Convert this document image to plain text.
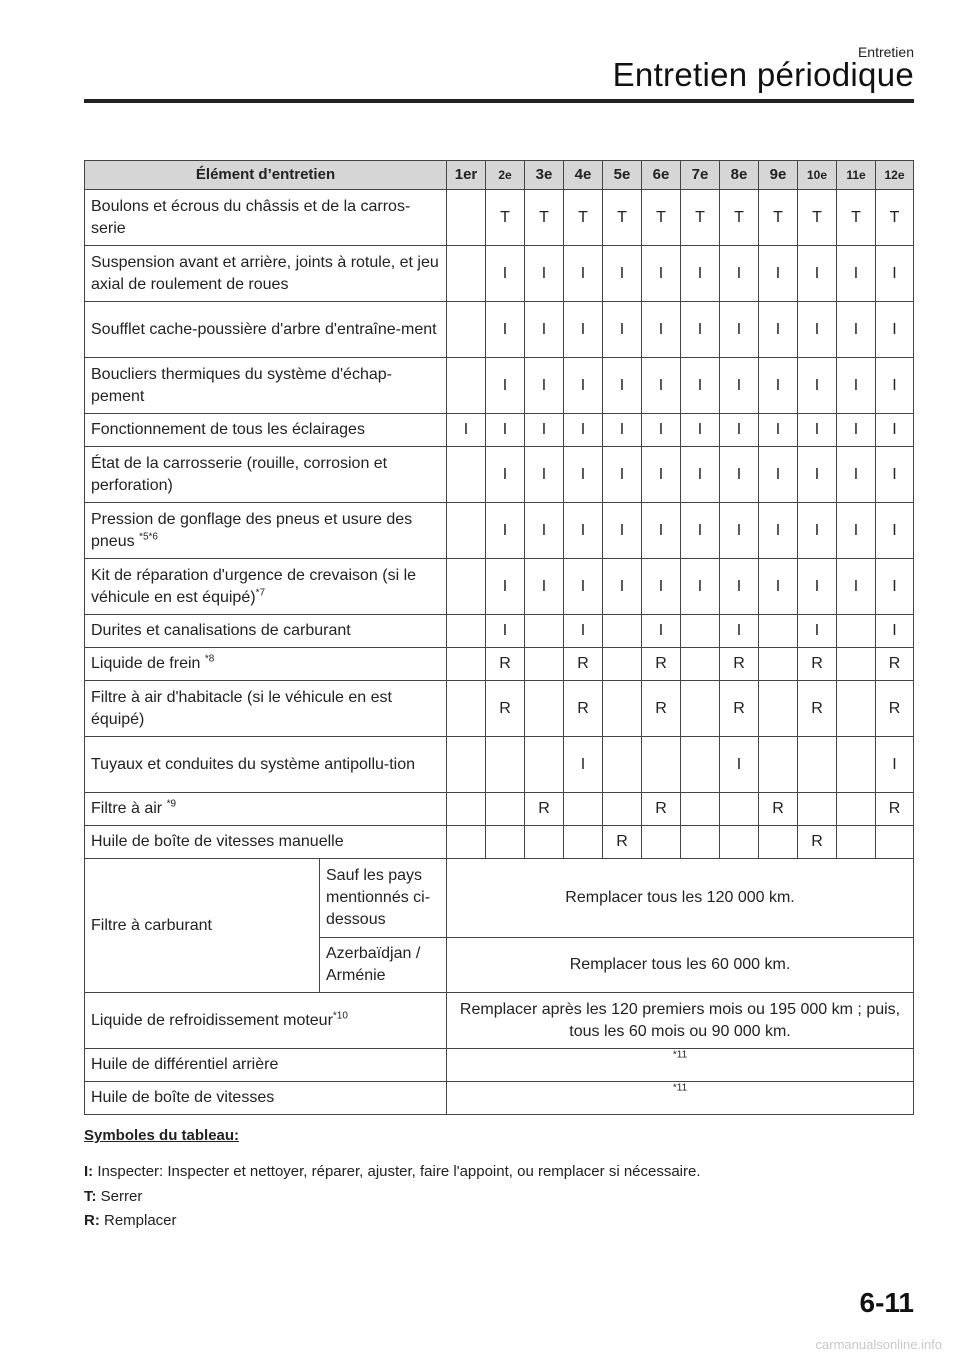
Entretien
Entretien périodique
Élément d’entretien		1er	2e	3e	4e	5e	6e	7e	8e	9e	10e	11e	12e
Boulons et écrous du châssis et de la carros-serie			T	T	T	T	T	T	T	T	T	T	T
Suspension avant et arrière, joints à rotule, et jeu axial de roulement de roues			I	I	I	I	I	I	I	I	I	I	I
Soufflet cache-poussière d'arbre d'entraîne-ment			I	I	I	I	I	I	I	I	I	I	I
Boucliers thermiques du système d'échap-pement			I	I	I	I	I	I	I	I	I	I	I
Fonctionnement de tous les éclairages		I	I	I	I	I	I	I	I	I	I	I	I
État de la carrosserie (rouille, corrosion et perforation)			I	I	I	I	I	I	I	I	I	I	I
Pression de gonflage des pneus et usure des pneus $^{*5*6}$			I	I	I	I	I	I	I	I	I	I	I
Kit de réparation d'urgence de crevaison (si le véhicule en est équipé)$^{*7}$			I	I	I	I	I	I	I	I	I	I	I
Durites et canalisations de carburant			I		I		I		I		I		I
Liquide de frein $^{*8}$			R		R		R		R		R		R
Filtre à air d'habitacle (si le véhicule en est équipé)			R		R		R		R		R		R
Tuyaux et conduites du système antipollu-tion					I				I				I
Filtre à air $^{*9}$				R			R			R			R
Huile de boîte de vitesses manuelle						R					R		
Filtre à carburant	Sauf les pays mentionnés ci-dessous	Remplacer tous les 120 000 km.											
	Azerbaïdjan / Arménie	Remplacer tous les 60 000 km.											
Liquide de refroidissement moteur$^{*10}$		Remplacer après les 120 premiers mois ou 195 000 km ; puis, tous les 60 mois ou 90 000 km.											
Huile de différentiel arrière		$^{*11}$
Huile de boîte de vitesses		$^{*11}$
Symboles du tableau:
I: Inspecter: Inspecter et nettoyer, réparer, ajuster, faire l'appoint, ou remplacer si nécessaire.
T: Serrer
R: Remplacer
6-11
carmanualsonline.info
